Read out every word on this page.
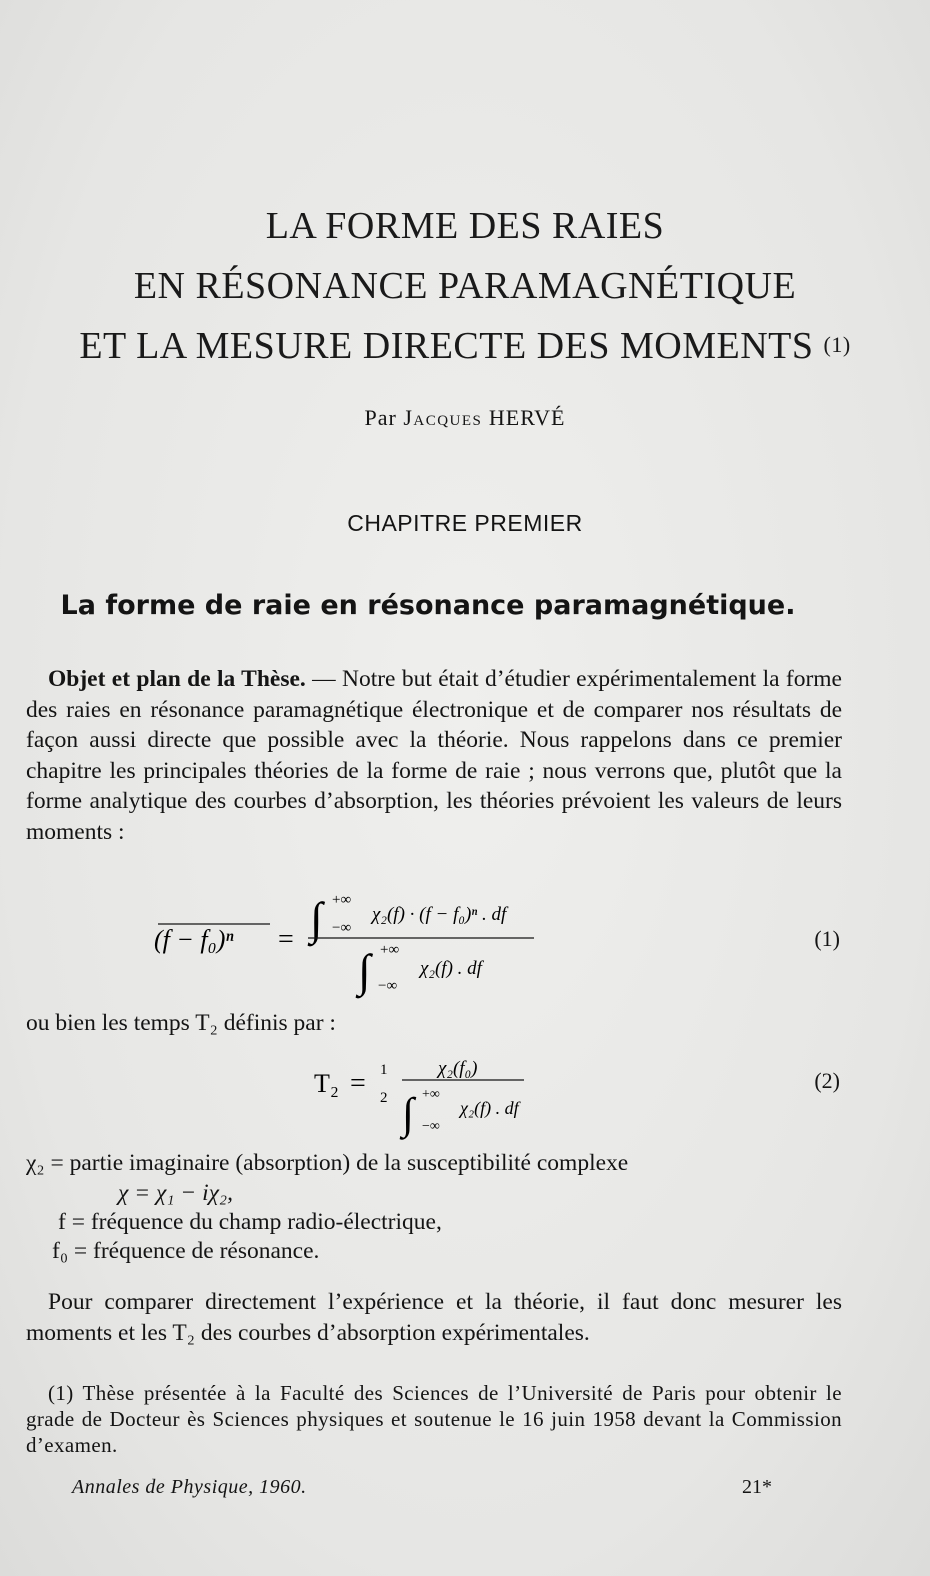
LA FORME DES RAIES
EN RÉSONANCE PARAMAGNÉTIQUE
ET LA MESURE DIRECTE DES MOMENTS $^{(1)}$
Par Jacques HERVÉ
CHAPITRE PREMIER
La forme de raie en résonance paramagnétique.
Objet et plan de la Thèse. — Notre but était d’étudier expérimentalement la forme des raies en résonance paramagnétique électronique et de comparer nos résultats de façon aussi directe que possible avec la théorie. Nous rappelons dans ce premier chapitre les principales théories de la forme de raie ; nous verrons que, plutôt que la forme analytique des courbes d’absorption, les théories prévoient les valeurs de leurs moments :
(f − f₀)ⁿ = ∫ +∞
−∞
χ₂(f) · (f − f₀)ⁿ . df
∫ +∞
−∞
χ₂(f) . df
(1)
ou bien les temps T₂ définis par :
T₂ = 1
2
χ₂(f₀)
∫ +∞
−∞
χ₂(f) . df
(2)
χ₂ = partie imaginaire (absorption) de la susceptibilité complexe
χ = χ₁ − iχ₂,
f = fréquence du champ radio-électrique,
f₀ = fréquence de résonance.
Pour comparer directement l’expérience et la théorie, il faut donc mesurer les moments et les T₂ des courbes d’absorption expérimentales.
(1) Thèse présentée à la Faculté des Sciences de l’Université de Paris pour obtenir le grade de Docteur ès Sciences physiques et soutenue le 16 juin 1958 devant la Commission d’examen.
Annales de Physique, 1960.	21*
